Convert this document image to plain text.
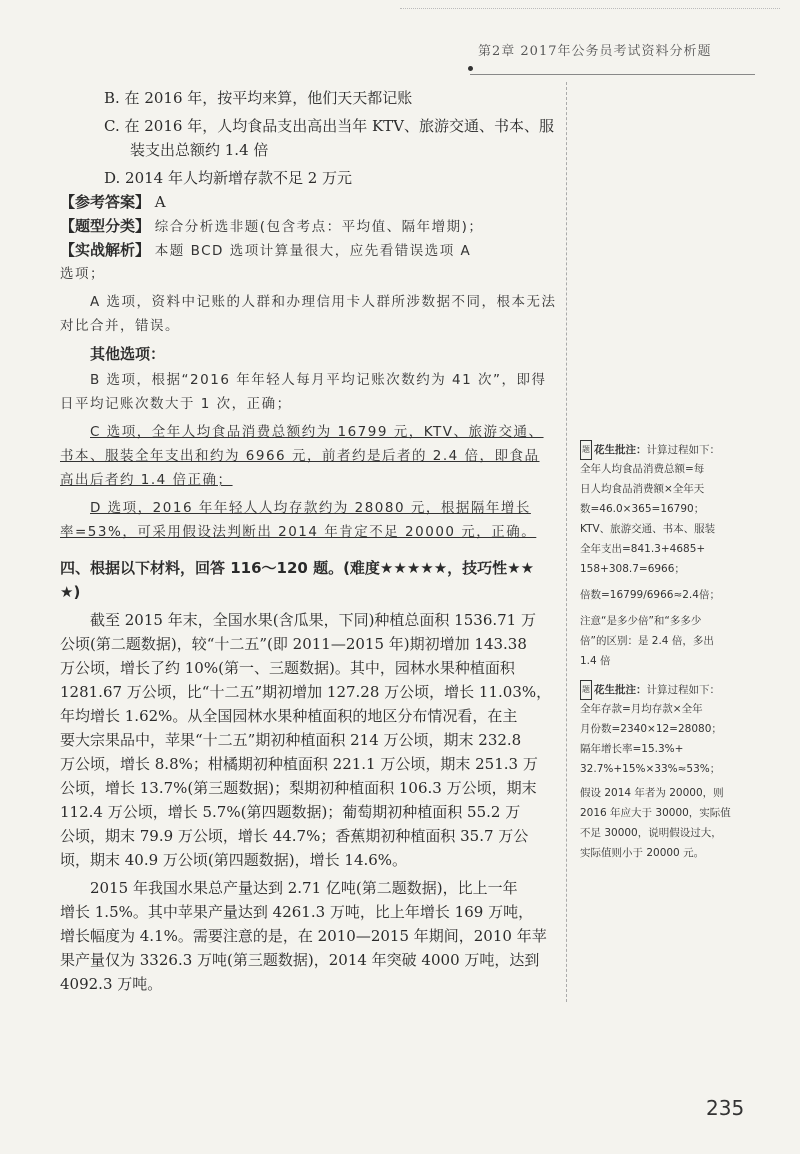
第2章 2017年公务员考试资料分析题
B. 在 2016 年，按平均来算，他们天天都记账
C. 在 2016 年，人均食品支出高出当年 KTV、旅游交通、书本、服
装支出总额约 1.4 倍
D. 2014 年人均新增存款不足 2 万元
【参考答案】 A
【题型分类】 综合分析选非题(包含考点：平均值、隔年增期)；
【实战解析】 本题 BCD 选项计算量很大，应先看错误选项 A
选项；
A 选项，资料中记账的人群和办理信用卡人群所涉数据不同，根本无法
对比合并，错误。
其他选项：
B 选项，根据“2016 年年轻人每月平均记账次数约为 41 次”，即得
日平均记账次数大于 1 次，正确；
C 选项，全年人均食品消费总额约为 16799 元，KTV、旅游交通、
书本、服装全年支出和约为 6966 元，前者约是后者的 2.4 倍，即食品
高出后者约 1.4 倍正确；
D 选项，2016 年年轻人人均存款约为 28080 元，根据隔年增长
率=53%，可采用假设法判断出 2014 年肯定不足 20000 元，正确。
四、根据以下材料，回答 116～120 题。(难度★★★★★，技巧性★★
★)
截至 2015 年末，全国水果(含瓜果，下同)种植总面积 1536.71 万
公顷(第二题数据)，较“十二五”(即 2011—2015 年)期初增加 143.38
万公顷，增长了约 10%(第一、三题数据)。其中，园林水果种植面积
1281.67 万公顷，比“十二五”期初增加 127.28 万公顷，增长 11.03%，
年均增长 1.62%。从全国园林水果种植面积的地区分布情况看，在主
要大宗果品中，苹果“十二五”期初种植面积 214 万公顷，期末 232.8
万公顷，增长 8.8%；柑橘期初种植面积 221.1 万公顷，期末 251.3 万
公顷，增长 13.7%(第三题数据)；梨期初种植面积 106.3 万公顷，期末
112.4 万公顷，增长 5.7%(第四题数据)；葡萄期初种植面积 55.2 万
公顷，期末 79.9 万公顷，增长 44.7%；香蕉期初种植面积 35.7 万公
顷，期末 40.9 万公顷(第四题数据)，增长 14.6%。
2015 年我国水果总产量达到 2.71 亿吨(第二题数据)，比上一年
增长 1.5%。其中苹果产量达到 4261.3 万吨，比上年增长 169 万吨，
增长幅度为 4.1%。需要注意的是，在 2010—2015 年期间，2010 年苹
果产量仅为 3326.3 万吨(第三题数据)，2014 年突破 4000 万吨，达到
4092.3 万吨。
题 花生批注：计算过程如下：
全年人均食品消费总额=每
日人均食品消费额×全年天
数=46.0×365=16790；
KTV、旅游交通、书本、服装
全年支出=841.3+4685+
158+308.7=6966；
倍数=16799/6966≈2.4倍；
注意“是多少倍”和“多多少
倍”的区别：是 2.4 倍，多出
1.4 倍
题 花生批注：计算过程如下：
全年存款=月均存款×全年
月份数=2340×12=28080；
隔年增长率=15.3%+
32.7%+15%×33%≈53%；
假设 2014 年者为 20000，则
2016 年应大于 30000，实际值
不足 30000，说明假设过大，
实际值则小于 20000 元。
235
